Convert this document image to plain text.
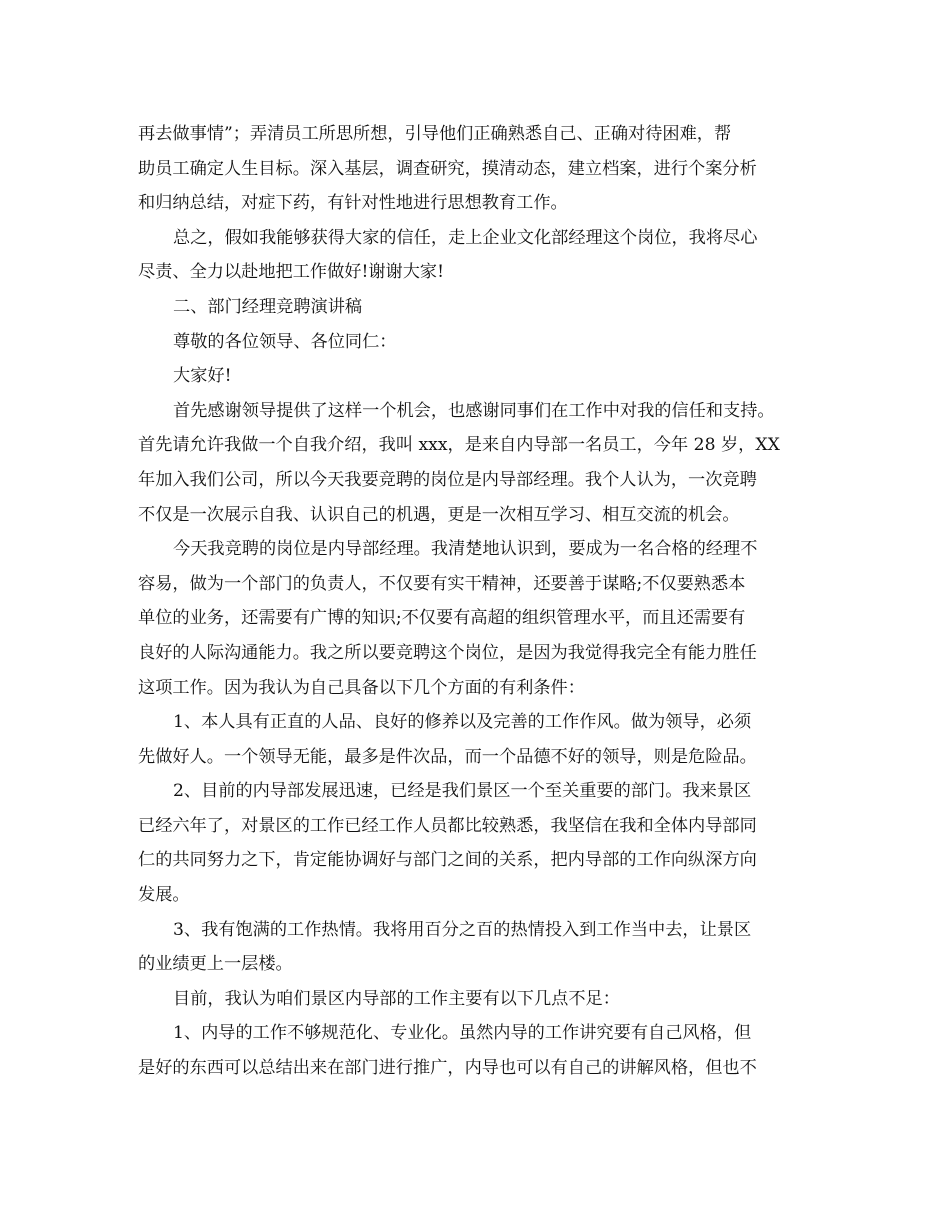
再去做事情”；弄清员工所思所想，引导他们正确熟悉自己、正确对待困难，帮
助员工确定人生目标。深入基层，调查研究，摸清动态，建立档案，进行个案分析
和归纳总结，对症下药，有针对性地进行思想教育工作。
总之，假如我能够获得大家的信任，走上企业文化部经理这个岗位，我将尽心
尽责、全力以赴地把工作做好!谢谢大家!
二、部门经理竞聘演讲稿
尊敬的各位领导、各位同仁：
大家好!
首先感谢领导提供了这样一个机会，也感谢同事们在工作中对我的信任和支持。
首先请允许我做一个自我介绍，我叫 xxx，是来自内导部一名员工，今年 28 岁，XX
年加入我们公司，所以今天我要竞聘的岗位是内导部经理。我个人认为，一次竞聘
不仅是一次展示自我、认识自己的机遇，更是一次相互学习、相互交流的机会。
今天我竞聘的岗位是内导部经理。我清楚地认识到，要成为一名合格的经理不
容易，做为一个部门的负责人，不仅要有实干精神，还要善于谋略;不仅要熟悉本
单位的业务，还需要有广博的知识;不仅要有高超的组织管理水平，而且还需要有
良好的人际沟通能力。我之所以要竞聘这个岗位，是因为我觉得我完全有能力胜任
这项工作。因为我认为自己具备以下几个方面的有利条件：
1、本人具有正直的人品、良好的修养以及完善的工作作风。做为领导，必须
先做好人。一个领导无能，最多是件次品，而一个品德不好的领导，则是危险品。
2、目前的内导部发展迅速，已经是我们景区一个至关重要的部门。我来景区
已经六年了，对景区的工作已经工作人员都比较熟悉，我坚信在我和全体内导部同
仁的共同努力之下，肯定能协调好与部门之间的关系，把内导部的工作向纵深方向
发展。
3、我有饱满的工作热情。我将用百分之百的热情投入到工作当中去，让景区
的业绩更上一层楼。
目前，我认为咱们景区内导部的工作主要有以下几点不足：
1、内导的工作不够规范化、专业化。虽然内导的工作讲究要有自己风格，但
是好的东西可以总结出来在部门进行推广，内导也可以有自己的讲解风格，但也不
